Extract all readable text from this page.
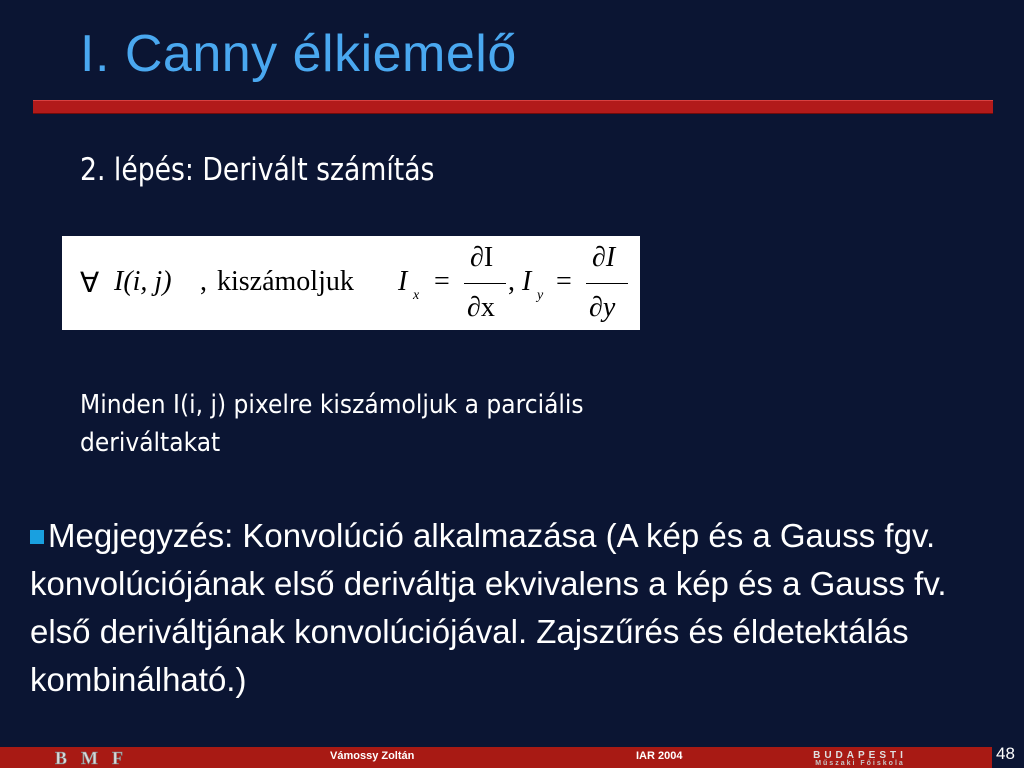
I. Canny élkiemelő
2. lépés: Derivált számítás
∀ I(i, j) , kiszámoljuk I x =
∂I
∂x
, I y =
∂I
∂y
Minden I(i, j) pixelre kiszámoljuk a parciális deriváltakat
Megjegyzés: Konvolúció alkalmazása (A kép és a Gauss fgv. konvolúciójának első deriváltja ekvivalens a kép és a Gauss fv. első deriváltjának konvolúciójával. Zajszűrés és éldetektálás kombinálható.)
BMF	Vámossy Zoltán	IAR 2004	BUDAPESTI
Műszaki Főiskola
48
